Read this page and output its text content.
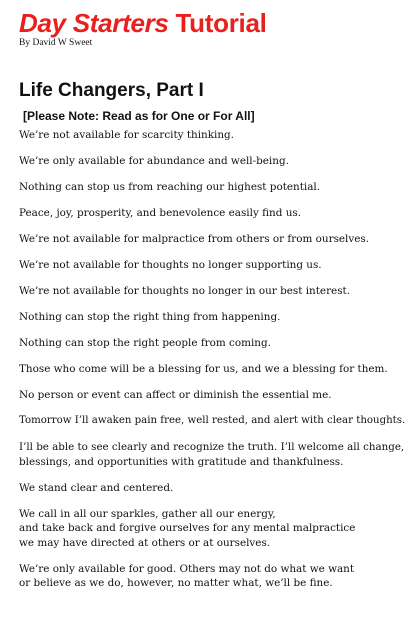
Day Starters Tutorial

By David W Sweet

Life Changers, Part I

[Please Note: Read as for One or For All]

We’re not available for scarcity thinking.
We’re only available for abundance and well-being.
Nothing can stop us from reaching our highest potential.
Peace, joy, prosperity, and benevolence easily find us.
We’re not available for malpractice from others or from ourselves.
We’re not available for thoughts no longer supporting us.
We’re not available for thoughts no longer in our best interest.
Nothing can stop the right thing from happening.
Nothing can stop the right people from coming.
Those who come will be a blessing for us, and we a blessing for them.
No person or event can affect or diminish the essential me.
Tomorrow I’ll awaken pain free, well rested, and alert with clear thoughts.
I’ll be able to see clearly and recognize the truth. I’ll welcome all change,
blessings, and opportunities with gratitude and thankfulness.
We stand clear and centered.
We call in all our sparkles, gather all our energy,
and take back and forgive ourselves for any mental malpractice
we may have directed at others or at ourselves.
We’re only available for good. Others may not do what we want
or believe as we do, however, no matter what, we’ll be fine.
